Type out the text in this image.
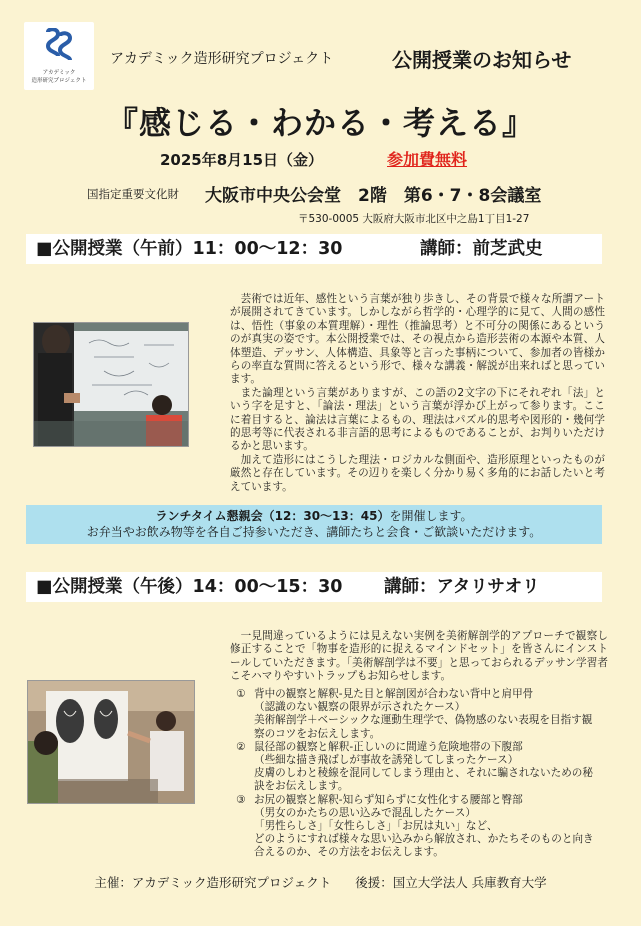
アカデミック
造形研究プロジェクト
アカデミック造形研究プロジェクト	公開授業のお知らせ
『感じる・わかる・考える』
2025年8月15日（金）	参加費無料
国指定重要文化財 大阪市中央公会堂　2階　第6・7・8会議室
〒530-0005 大阪府大阪市北区中之島1丁目1-27
■公開授業（午前）11：00～12：30	講師：前芝武史

芸術では近年、感性という言葉が独り歩きし、その背景で様々な所謂アートが展開されてきています。しかしながら哲学的・心理学的に見て、人間の感性は、悟性（事象の本質理解）・理性（推論思考）と不可分の関係にあるというのが真実の姿です。本公開授業では、その視点から造形芸術の本源や本質、人体塑造、デッサン、人体構造、具象等と言った事柄について、参加者の皆様からの率直な質問に答えるという形で、様々な講義・解説が出来ればと思っています。

また論理という言葉がありますが、この語の2文字の下にそれぞれ「法」という字を足すと、「論法・理法」という言葉が浮かび上がって参ります。ここに着目すると、論法は言葉によるもの、理法はパズル的思考や図形的・幾何学的思考等に代表される非言語的思考によるものであることが、お判りいただけるかと思います。

加えて造形にはこうした理法・ロジカルな側面や、造形原理といったものが厳然と存在しています。その辺りを楽しく分かり易く多角的にお話したいと考えています。

ランチタイム懇親会（12：30～13：45）を開催します。
お弁当やお飲み物等を各自ご持参いただき、講師たちと会食・ご歓談いただけます。
■公開授業（午後）14：00～15：30 講師：アタリサオリ

一見間違っているようには見えない実例を美術解剖学的アプローチで観察し修正することで「物事を造形的に捉えるマインドセット」を皆さんにインストールしていただきます。「美術解剖学は不要」と思っておられるデッサン学習者こそハマりやすいトラップもお知らせします。

① 背中の観察と解釈‐見た目と解剖図が合わない背中と肩甲骨
（認識のない観察の限界が示されたケース）
美術解剖学＋ベーシックな運動生理学で、偽物感のない表現を目指す観
察のコツをお伝えします。
② 鼠径部の観察と解釈‐正しいのに間違う危険地帯の下腹部
（些細な描き飛ばしが事故を誘発してしまったケース）
皮膚のしわと稜線を混同してしまう理由と、それに騙されないための秘
訣をお伝えします。
③ お尻の観察と解釈‐知らず知らずに女性化する腰部と臀部
（男女のかたちの思い込みで混乱したケース）
「男性らしさ」「女性らしさ」「お尻は丸い」など、
どのようにすれば様々な思い込みから解放され、かたちそのものと向き
合えるのか、その方法をお伝えします。
主催：アカデミック造形研究プロジェクト 後援：国立大学法人 兵庫教育大学
